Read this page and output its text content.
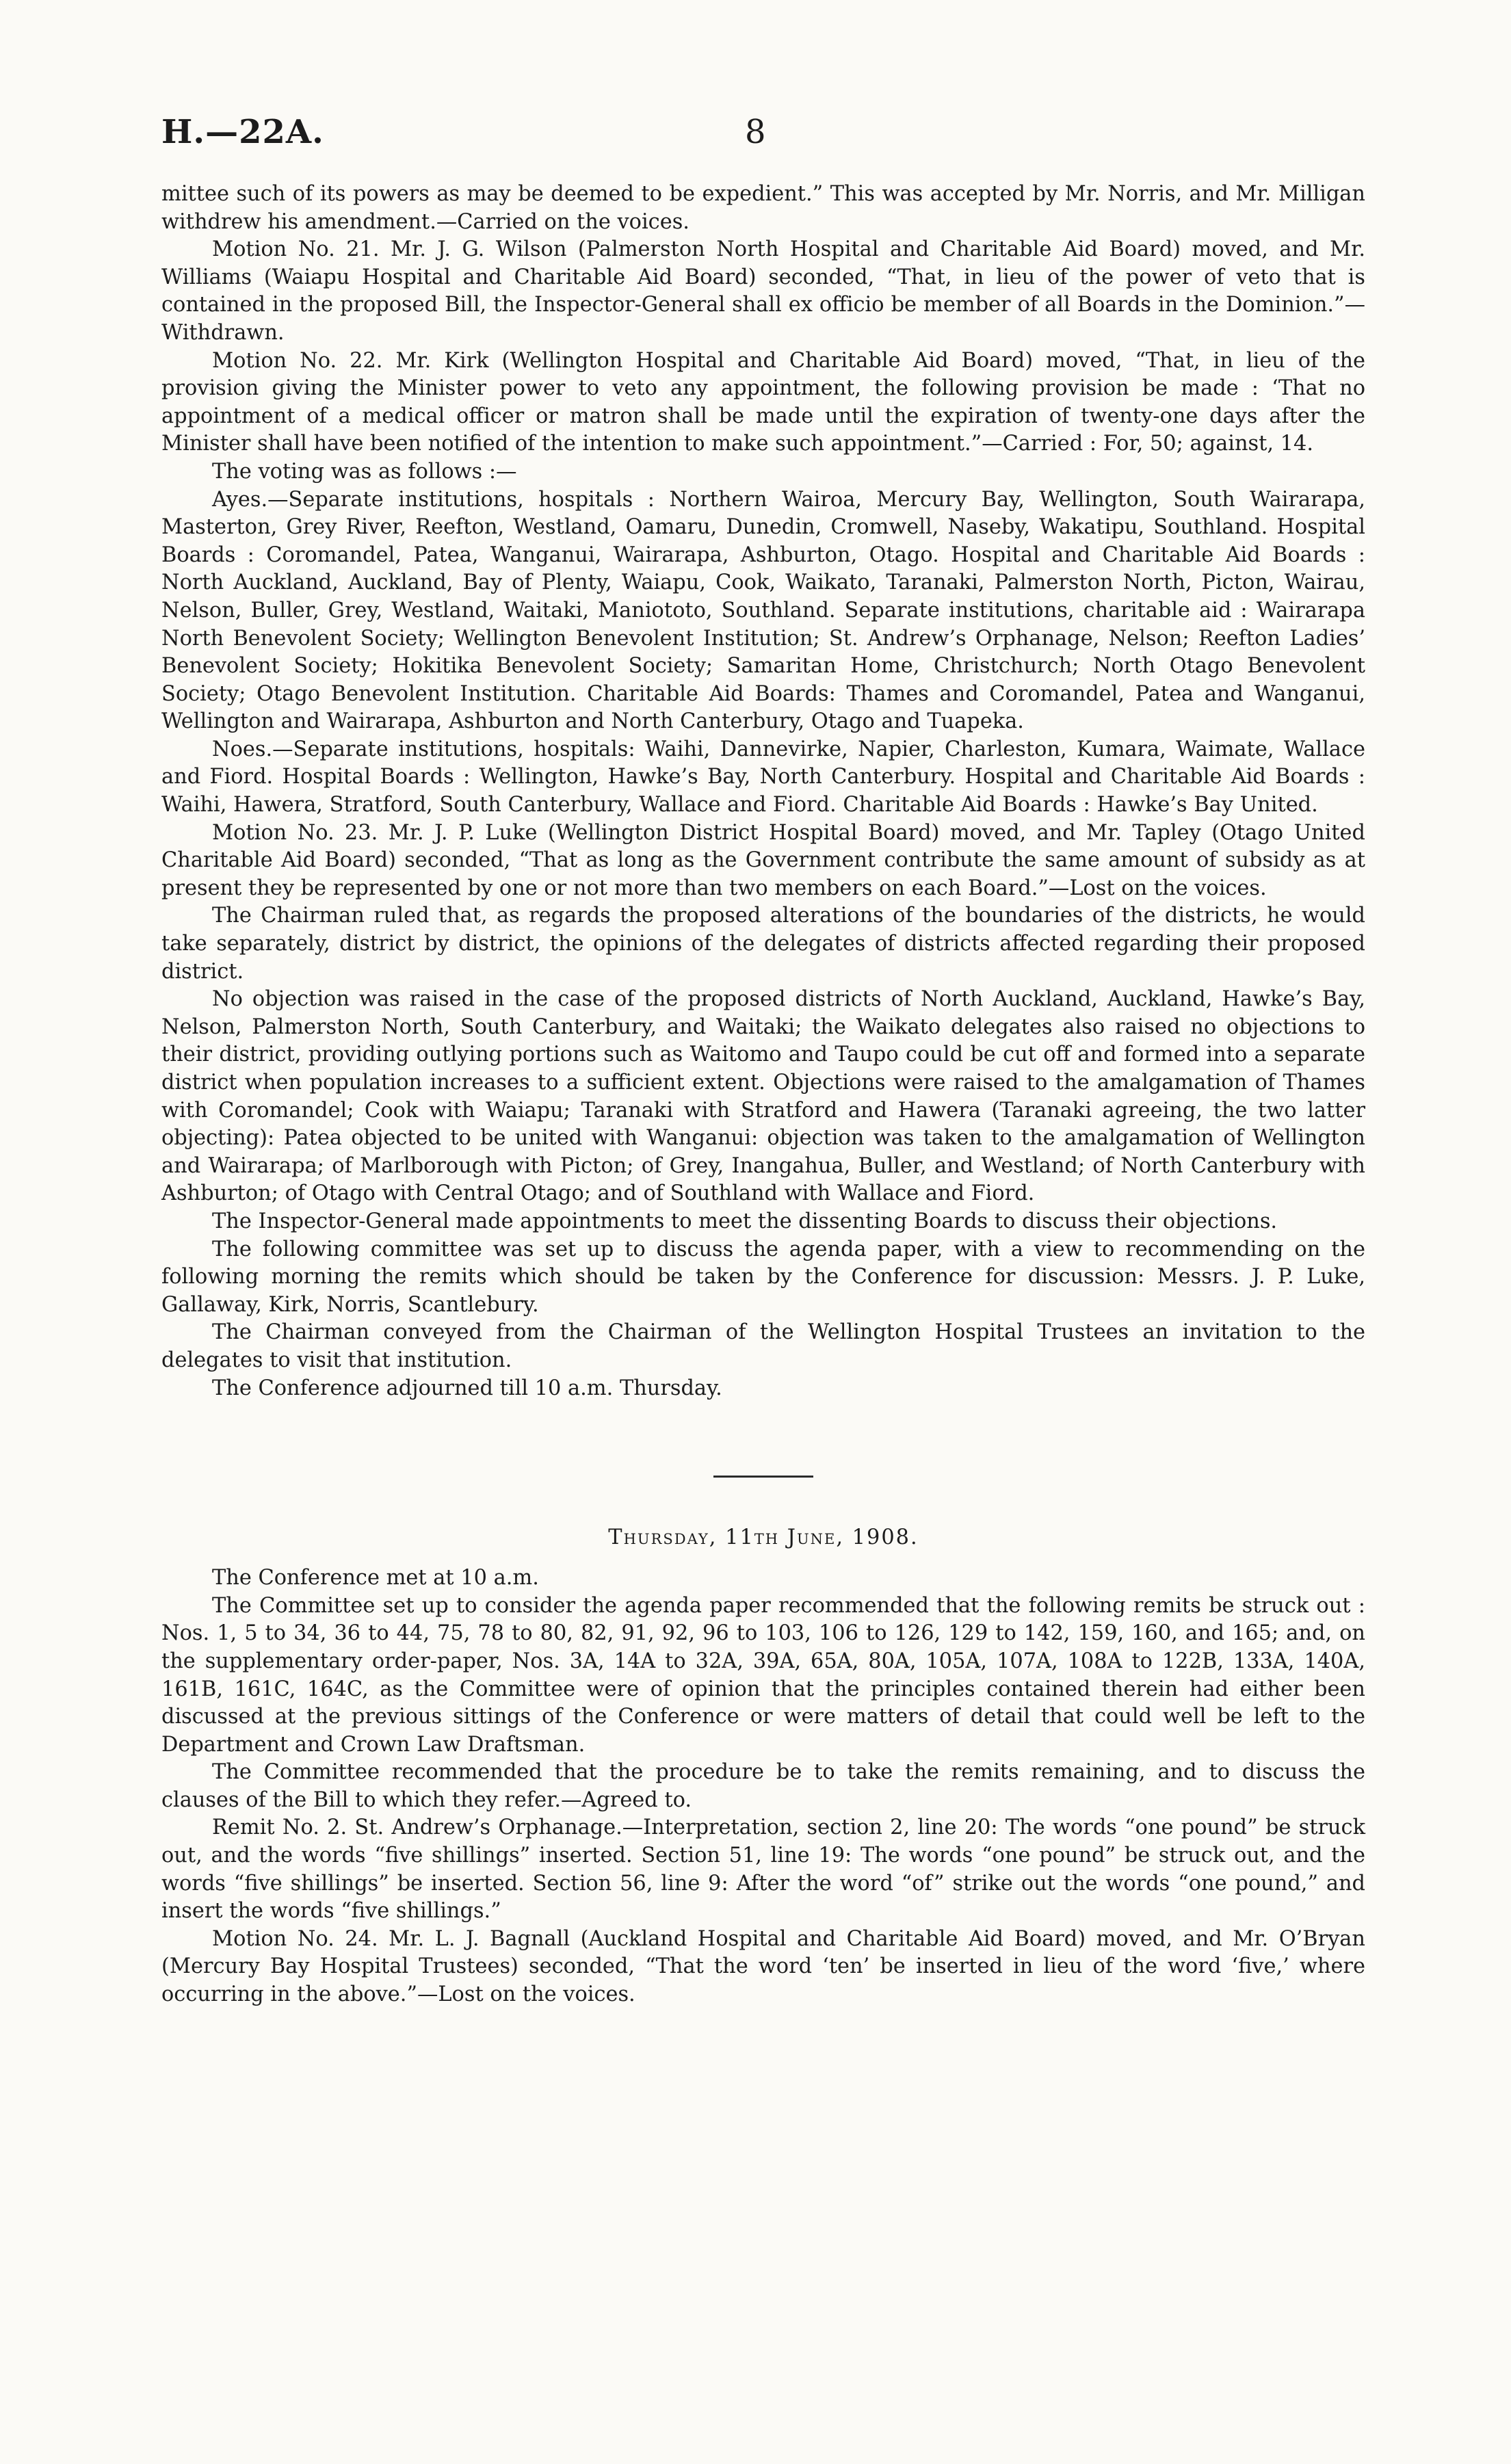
H.—22A.	8

mittee such of its powers as may be deemed to be expedient.” This was accepted by Mr. Norris, and Mr. Milligan withdrew his amendment.—Carried on the voices.

Motion No. 21. Mr. J. G. Wilson (Palmerston North Hospital and Charitable Aid Board) moved, and Mr. Williams (Waiapu Hospital and Charitable Aid Board) seconded, “That, in lieu of the power of veto that is contained in the proposed Bill, the Inspector-General shall ex officio be member of all Boards in the Dominion.”—Withdrawn.

Motion No. 22. Mr. Kirk (Wellington Hospital and Charitable Aid Board) moved, “That, in lieu of the provision giving the Minister power to veto any appointment, the following provision be made : ‘That no appointment of a medical officer or matron shall be made until the expiration of twenty-one days after the Minister shall have been notified of the intention to make such appointment.”—Carried : For, 50; against, 14.

The voting was as follows :—

Ayes.—Separate institutions, hospitals : Northern Wairoa, Mercury Bay, Wellington, South Wairarapa, Masterton, Grey River, Reefton, Westland, Oamaru, Dunedin, Cromwell, Naseby, Wakatipu, Southland. Hospital Boards : Coromandel, Patea, Wanganui, Wairarapa, Ashburton, Otago. Hospital and Charitable Aid Boards : North Auckland, Auckland, Bay of Plenty, Waiapu, Cook, Waikato, Taranaki, Palmerston North, Picton, Wairau, Nelson, Buller, Grey, Westland, Waitaki, Maniototo, Southland. Separate institutions, charitable aid : Wairarapa North Benevolent Society; Wellington Benevolent Institution; St. Andrew’s Orphanage, Nelson; Reefton Ladies’ Benevolent Society; Hokitika Benevolent Society; Samaritan Home, Christchurch; North Otago Benevolent Society; Otago Benevolent Institution. Charitable Aid Boards: Thames and Coromandel, Patea and Wanganui, Wellington and Wairarapa, Ashburton and North Canterbury, Otago and Tuapeka.

Noes.—Separate institutions, hospitals: Waihi, Dannevirke, Napier, Charleston, Kumara, Waimate, Wallace and Fiord. Hospital Boards : Wellington, Hawke’s Bay, North Canterbury. Hospital and Charitable Aid Boards : Waihi, Hawera, Stratford, South Canterbury, Wallace and Fiord. Charitable Aid Boards : Hawke’s Bay United.

Motion No. 23. Mr. J. P. Luke (Wellington District Hospital Board) moved, and Mr. Tapley (Otago United Charitable Aid Board) seconded, “That as long as the Government contribute the same amount of subsidy as at present they be represented by one or not more than two members on each Board.”—Lost on the voices.

The Chairman ruled that, as regards the proposed alterations of the boundaries of the districts, he would take separately, district by district, the opinions of the delegates of districts affected regarding their proposed district.

No objection was raised in the case of the proposed districts of North Auckland, Auckland, Hawke’s Bay, Nelson, Palmerston North, South Canterbury, and Waitaki; the Waikato delegates also raised no objections to their district, providing outlying portions such as Waitomo and Taupo could be cut off and formed into a separate district when population increases to a sufficient extent. Objections were raised to the amalgamation of Thames with Coromandel; Cook with Waiapu; Taranaki with Stratford and Hawera (Taranaki agreeing, the two latter objecting): Patea objected to be united with Wanganui: objection was taken to the amalgamation of Wellington and Wairarapa; of Marlborough with Picton; of Grey, Inangahua, Buller, and Westland; of North Canterbury with Ashburton; of Otago with Central Otago; and of Southland with Wallace and Fiord.

The Inspector-General made appointments to meet the dissenting Boards to discuss their objections.

The following committee was set up to discuss the agenda paper, with a view to recommending on the following morning the remits which should be taken by the Conference for discussion: Messrs. J. P. Luke, Gallaway, Kirk, Norris, Scantlebury.

The Chairman conveyed from the Chairman of the Wellington Hospital Trustees an invitation to the delegates to visit that institution.

The Conference adjourned till 10 a.m. Thursday.

Thursday, 11th June, 1908.

The Conference met at 10 a.m.

The Committee set up to consider the agenda paper recommended that the following remits be struck out : Nos. 1, 5 to 34, 36 to 44, 75, 78 to 80, 82, 91, 92, 96 to 103, 106 to 126, 129 to 142, 159, 160, and 165; and, on the supplementary order-paper, Nos. 3A, 14A to 32A, 39A, 65A, 80A, 105A, 107A, 108A to 122B, 133A, 140A, 161B, 161C, 164C, as the Committee were of opinion that the principles contained therein had either been discussed at the previous sittings of the Conference or were matters of detail that could well be left to the Department and Crown Law Draftsman.

The Committee recommended that the procedure be to take the remits remaining, and to discuss the clauses of the Bill to which they refer.—Agreed to.

Remit No. 2. St. Andrew’s Orphanage.—Interpretation, section 2, line 20: The words “one pound” be struck out, and the words “five shillings” inserted. Section 51, line 19: The words “one pound” be struck out, and the words “five shillings” be inserted. Section 56, line 9: After the word “of” strike out the words “one pound,” and insert the words “five shillings.”

Motion No. 24. Mr. L. J. Bagnall (Auckland Hospital and Charitable Aid Board) moved, and Mr. O’Bryan (Mercury Bay Hospital Trustees) seconded, “That the word ‘ten’ be inserted in lieu of the word ‘five,’ where occurring in the above.”—Lost on the voices.
